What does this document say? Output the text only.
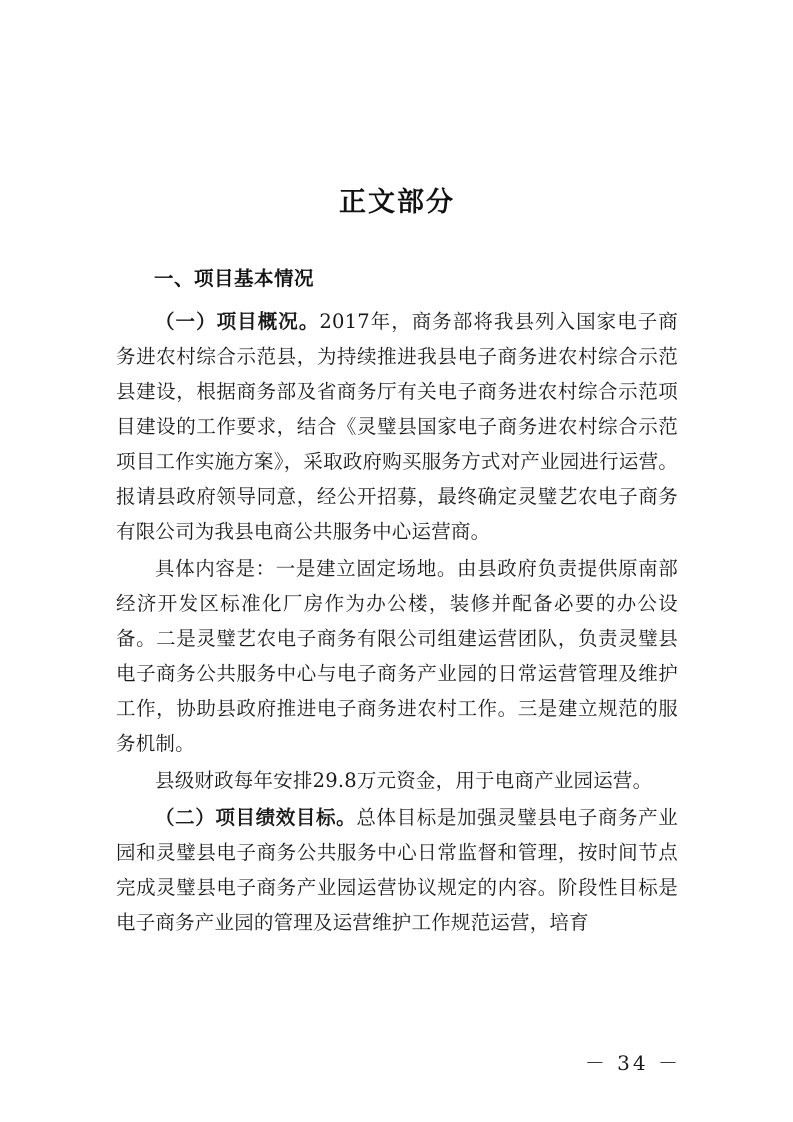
正文部分
一、项目基本情况

（一）项目概况。2017年，商务部将我县列入国家电子商务进农村综合示范县，为持续推进我县电子商务进农村综合示范县建设，根据商务部及省商务厅有关电子商务进农村综合示范项目建设的工作要求，结合《灵璧县国家电子商务进农村综合示范项目工作实施方案》，采取政府购买服务方式对产业园进行运营。报请县政府领导同意，经公开招募，最终确定灵璧艺农电子商务有限公司为我县电商公共服务中心运营商。

具体内容是：一是建立固定场地。由县政府负责提供原南部经济开发区标准化厂房作为办公楼，装修并配备必要的办公设备。二是灵璧艺农电子商务有限公司组建运营团队，负责灵璧县电子商务公共服务中心与电子商务产业园的日常运营管理及维护工作，协助县政府推进电子商务进农村工作。三是建立规范的服务机制。

县级财政每年安排29.8万元资金，用于电商产业园运营。

（二）项目绩效目标。总体目标是加强灵璧县电子商务产业园和灵璧县电子商务公共服务中心日常监督和管理，按时间节点完成灵璧县电子商务产业园运营协议规定的内容。阶段性目标是电子商务产业园的管理及运营维护工作规范运营，培育

－ 34 －
